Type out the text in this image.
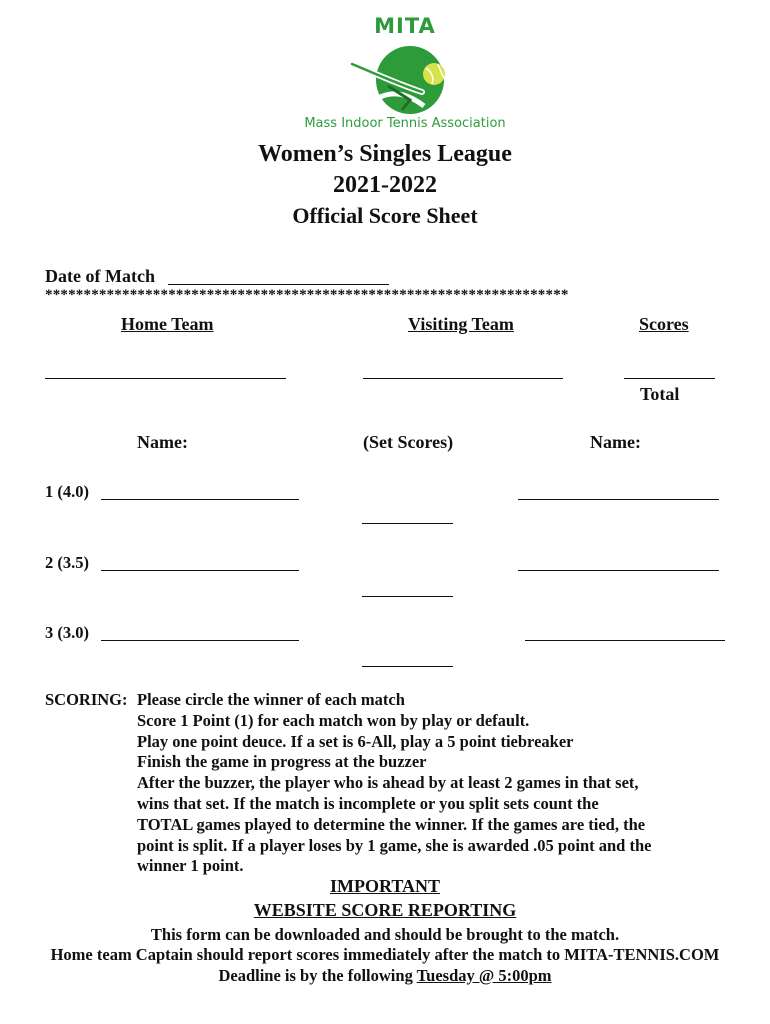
MITA
Mass Indoor Tennis Association
Women’s Singles League
2021-2022
Official Score Sheet
Date of Match
********************************************************************
Home Team	Visiting Team	Scores
Total
Name:	(Set Scores)	Name:
1 (4.0)
2 (3.5)
3 (3.0)
SCORING: Please circle the winner of each match

Score 1 Point (1) for each match won by play or default.

Play one point deuce. If a set is 6-All, play a 5 point tiebreaker

Finish the game in progress at the buzzer

After the buzzer, the player who is ahead by at least 2 games in that set,

wins that set. If the match is incomplete or you split sets count the

TOTAL games played to determine the winner. If the games are tied, the

point is split. If a player loses by 1 game, she is awarded .05 point and the

winner 1 point.

IMPORTANT
WEBSITE SCORE REPORTING
This form can be downloaded and should be brought to the match.
Home team Captain should report scores immediately after the match to MITA-TENNIS.COM
Deadline is by the following Tuesday @ 5:00pm
